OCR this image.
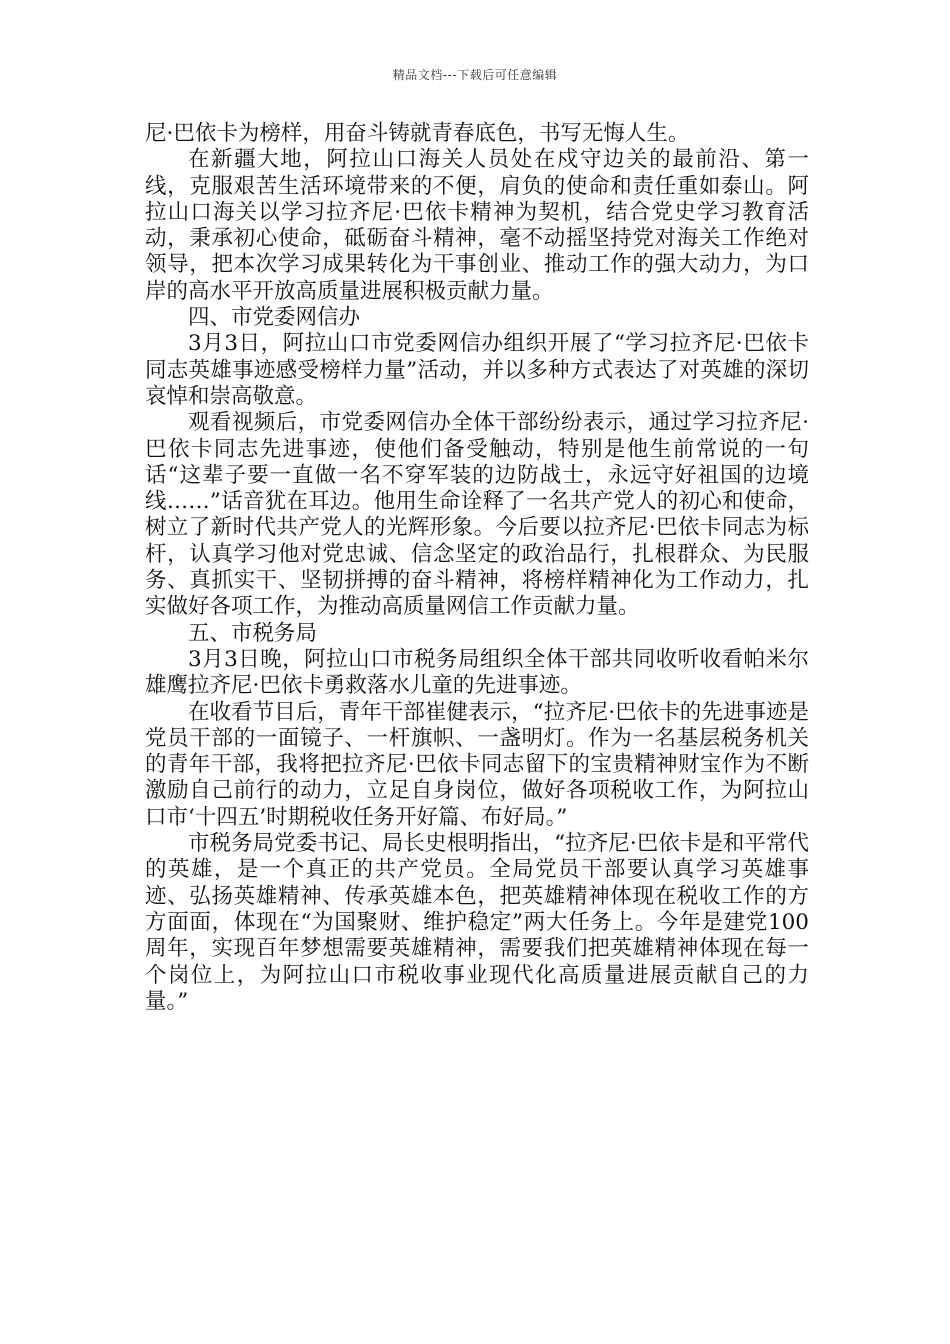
精品文档---下载后可任意编辑

尼·巴依卡为榜样，用奋斗铸就青春底色，书写无悔人生。

在新疆大地，阿拉山口海关人员处在戍守边关的最前沿、第一线，克服艰苦生活环境带来的不便，肩负的使命和责任重如泰山。阿拉山口海关以学习拉齐尼·巴依卡精神为契机，结合党史学习教育活动，秉承初心使命，砥砺奋斗精神，毫不动摇坚持党对海关工作绝对领导，把本次学习成果转化为干事创业、推动工作的强大动力，为口岸的高水平开放高质量进展积极贡献力量。

四、市党委网信办

3月3日，阿拉山口市党委网信办组织开展了“学习拉齐尼·巴依卡同志英雄事迹感受榜样力量”活动，并以多种方式表达了对英雄的深切哀悼和崇高敬意。

观看视频后，市党委网信办全体干部纷纷表示，通过学习拉齐尼·巴依卡同志先进事迹，使他们备受触动，特别是他生前常说的一句话“这辈子要一直做一名不穿军装的边防战士，永远守好祖国的边境线……”话音犹在耳边。他用生命诠释了一名共产党人的初心和使命，树立了新时代共产党人的光辉形象。今后要以拉齐尼·巴依卡同志为标杆，认真学习他对党忠诚、信念坚定的政治品行，扎根群众、为民服务、真抓实干、坚韧拼搏的奋斗精神，将榜样精神化为工作动力，扎实做好各项工作，为推动高质量网信工作贡献力量。

五、市税务局

3月3日晚，阿拉山口市税务局组织全体干部共同收听收看帕米尔雄鹰拉齐尼·巴依卡勇救落水儿童的先进事迹。

在收看节目后，青年干部崔健表示，“拉齐尼·巴依卡的先进事迹是党员干部的一面镜子、一杆旗帜、一盏明灯。作为一名基层税务机关的青年干部，我将把拉齐尼·巴依卡同志留下的宝贵精神财宝作为不断激励自己前行的动力，立足自身岗位，做好各项税收工作，为阿拉山口市‘十四五’时期税收任务开好篇、布好局。”

市税务局党委书记、局长史根明指出，“拉齐尼·巴依卡是和平常代的英雄，是一个真正的共产党员。全局党员干部要认真学习英雄事迹、弘扬英雄精神、传承英雄本色，把英雄精神体现在税收工作的方方面面，体现在“为国聚财、维护稳定”两大任务上。今年是建党100周年，实现百年梦想需要英雄精神，需要我们把英雄精神体现在每一个岗位上，为阿拉山口市税收事业现代化高质量进展贡献自己的力量。”
